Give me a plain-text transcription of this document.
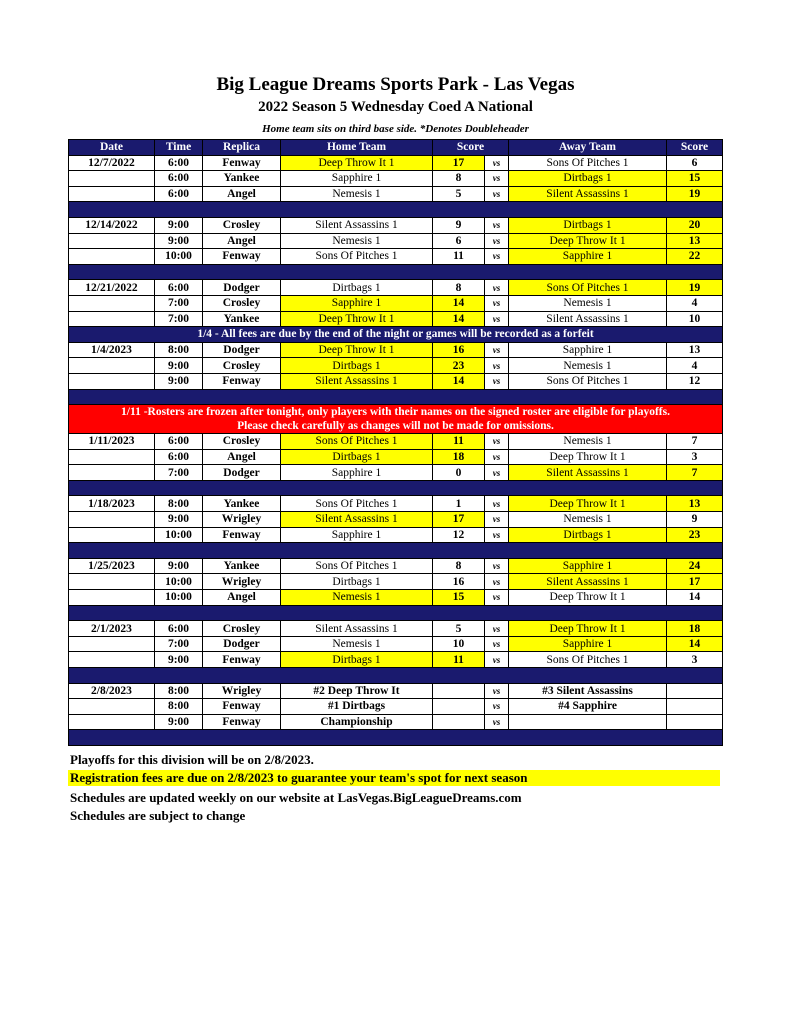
Big League Dreams Sports Park - Las Vegas
2022 Season 5 Wednesday Coed A National
Home team sits on third base side. *Denotes Doubleheader
Date	Time	Replica	Home Team	Score		Away Team	Score
12/7/2022	6:00	Fenway	Deep Throw It 1	17	vs	Sons Of Pitches 1	6
	6:00	Yankee	Sapphire 1	8	vs	Dirtbags 1	15
	6:00	Angel	Nemesis 1	5	vs	Silent Assassins 1	19

12/14/2022	9:00	Crosley	Silent Assassins 1	9	vs	Dirtbags 1	20
	9:00	Angel	Nemesis 1	6	vs	Deep Throw It 1	13
	10:00	Fenway	Sons Of Pitches 1	11	vs	Sapphire 1	22

12/21/2022	6:00	Dodger	Dirtbags 1	8	vs	Sons Of Pitches 1	19
	7:00	Crosley	Sapphire 1	14	vs	Nemesis 1	4
	7:00	Yankee	Deep Throw It 1	14	vs	Silent Assassins 1	10
1/4 - All fees are due by the end of the night or games will be recorded as a forfeit							
1/4/2023	8:00	Dodger	Deep Throw It 1	16	vs	Sapphire 1	13
	9:00	Crosley	Dirtbags 1	23	vs	Nemesis 1	4
	9:00	Fenway	Silent Assassins 1	14	vs	Sons Of Pitches 1	12

1/11 -Rosters are frozen after tonight, only players with their names on the signed roster are eligible for playoffs.
Please check carefully as changes will not be made for omissions.							

1/11/2023	6:00	Crosley	Sons Of Pitches 1	11	vs	Nemesis 1	7
	6:00	Angel	Dirtbags 1	18	vs	Deep Throw It 1	3
	7:00	Dodger	Sapphire 1	0	vs	Silent Assassins 1	7

1/18/2023	8:00	Yankee	Sons Of Pitches 1	1	vs	Deep Throw It 1	13
	9:00	Wrigley	Silent Assassins 1	17	vs	Nemesis 1	9
	10:00	Fenway	Sapphire 1	12	vs	Dirtbags 1	23

1/25/2023	9:00	Yankee	Sons Of Pitches 1	8	vs	Sapphire 1	24
	10:00	Wrigley	Dirtbags 1	16	vs	Silent Assassins 1	17
	10:00	Angel	Nemesis 1	15	vs	Deep Throw It 1	14

2/1/2023	6:00	Crosley	Silent Assassins 1	5	vs	Deep Throw It 1	18
	7:00	Dodger	Nemesis 1	10	vs	Sapphire 1	14
	9:00	Fenway	Dirtbags 1	11	vs	Sons Of Pitches 1	3

2/8/2023	8:00	Wrigley	#2 Deep Throw It		vs	#3 Silent Assassins	
	8:00	Fenway	#1 Dirtbags		vs	#4 Sapphire	
	9:00	Fenway	Championship		vs		

Playoffs for this division will be on 2/8/2023.
Registration fees are due on 2/8/2023 to guarantee your team's spot for next season
Schedules are updated weekly on our website at LasVegas.BigLeagueDreams.com
Schedules are subject to change
